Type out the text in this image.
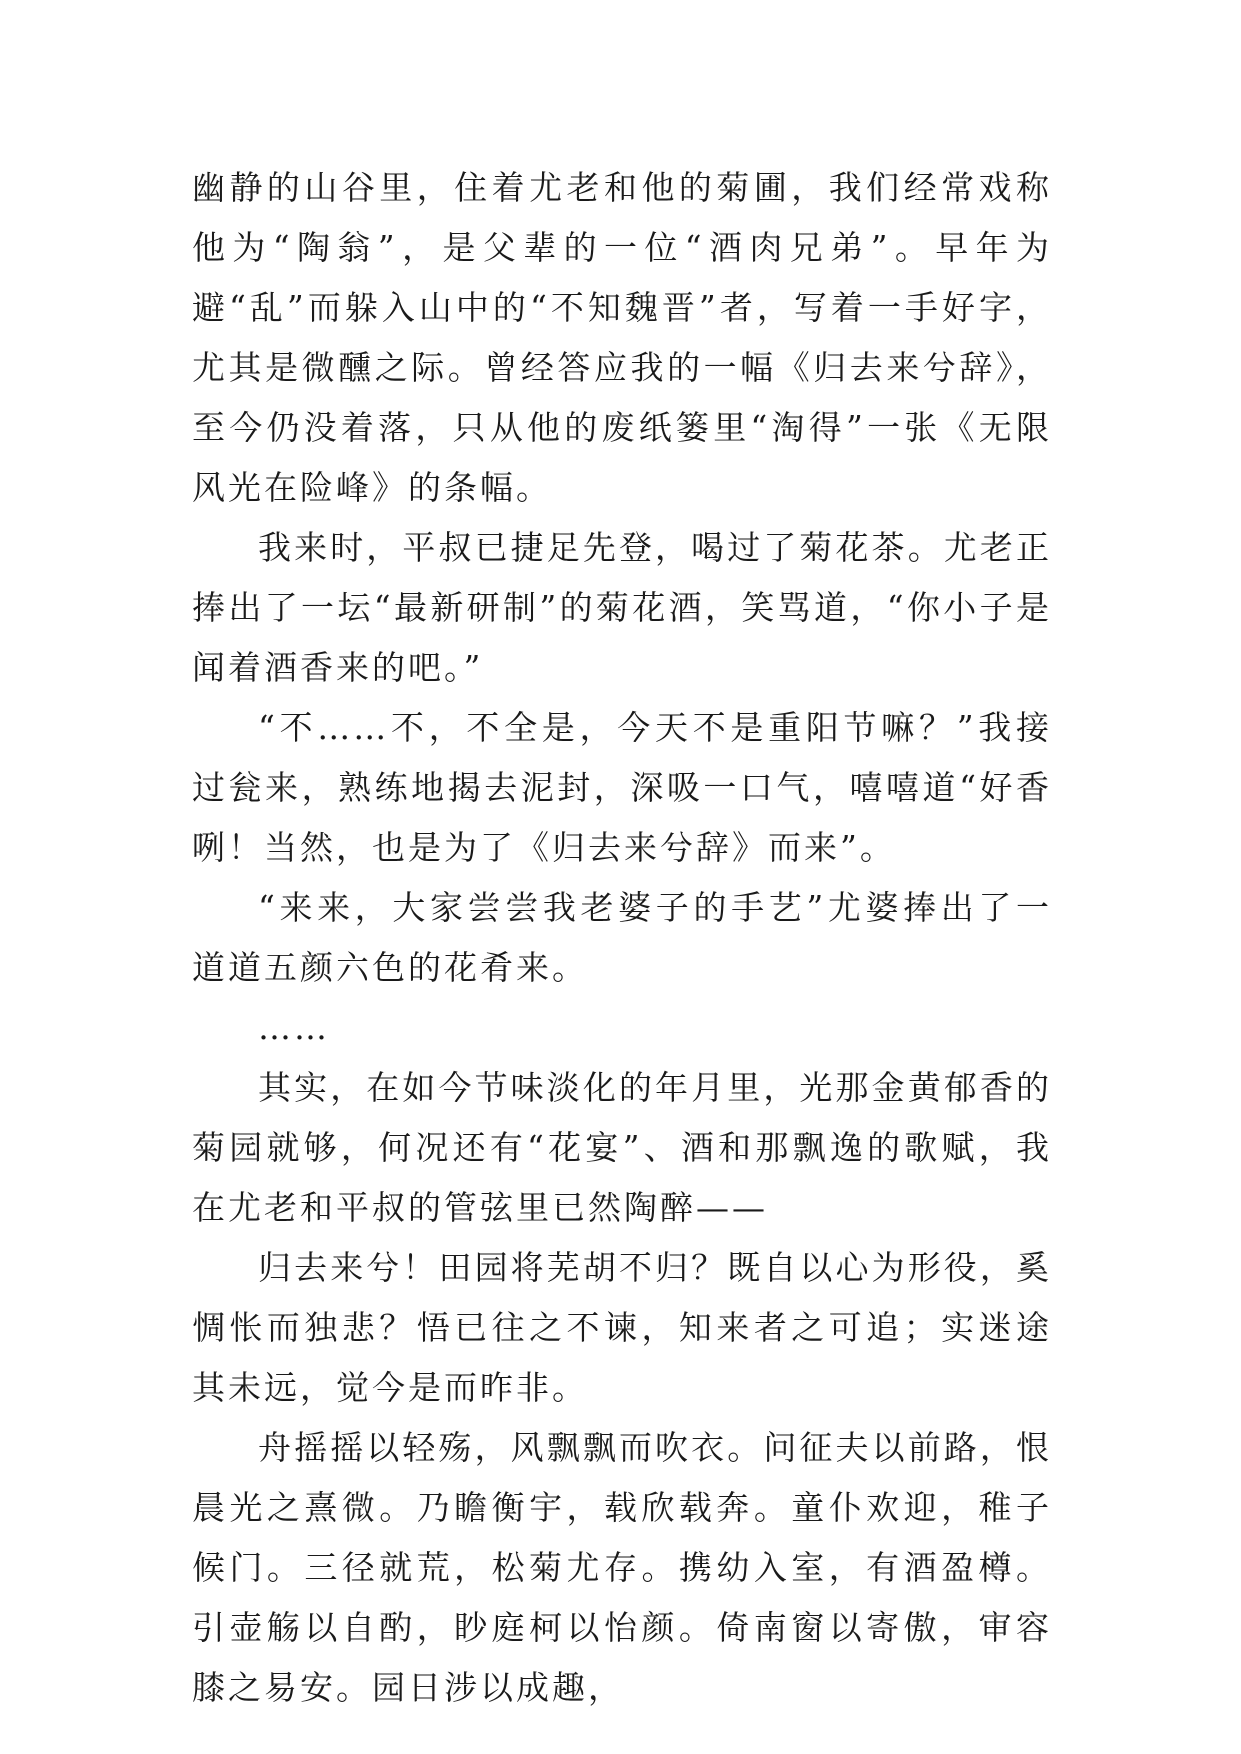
幽静的山谷里，住着尤老和他的菊圃，我们经常戏称他为“陶翁”，是父辈的一位“酒肉兄弟”。早年为避“乱”而躲入山中的“不知魏晋”者，写着一手好字，尤其是微醺之际。曾经答应我的一幅《归去来兮辞》，至今仍没着落，只从他的废纸篓里“淘得”一张《无限风光在险峰》的条幅。

我来时，平叔已捷足先登，喝过了菊花茶。尤老正捧出了一坛“最新研制”的菊花酒，笑骂道，“你小子是闻着酒香来的吧。”

“不……不，不全是，今天不是重阳节嘛？”我接过瓮来，熟练地揭去泥封，深吸一口气，嘻嘻道“好香咧！当然，也是为了《归去来兮辞》而来”。

“来来，大家尝尝我老婆子的手艺”尤婆捧出了一道道五颜六色的花肴来。

……

其实，在如今节味淡化的年月里，光那金黄郁香的菊园就够，何况还有“花宴”、酒和那飘逸的歌赋，我在尤老和平叔的管弦里已然陶醉——

归去来兮！田园将芜胡不归？既自以心为形役，奚惆怅而独悲？悟已往之不谏，知来者之可追；实迷途其未远，觉今是而昨非。

舟摇摇以轻殇，风飘飘而吹衣。问征夫以前路，恨晨光之熹微。乃瞻衡宇，载欣载奔。童仆欢迎，稚子候门。三径就荒，松菊尤存。携幼入室，有酒盈樽。引壶觞以自酌，眇庭柯以怡颜。倚南窗以寄傲，审容膝之易安。园日涉以成趣，
